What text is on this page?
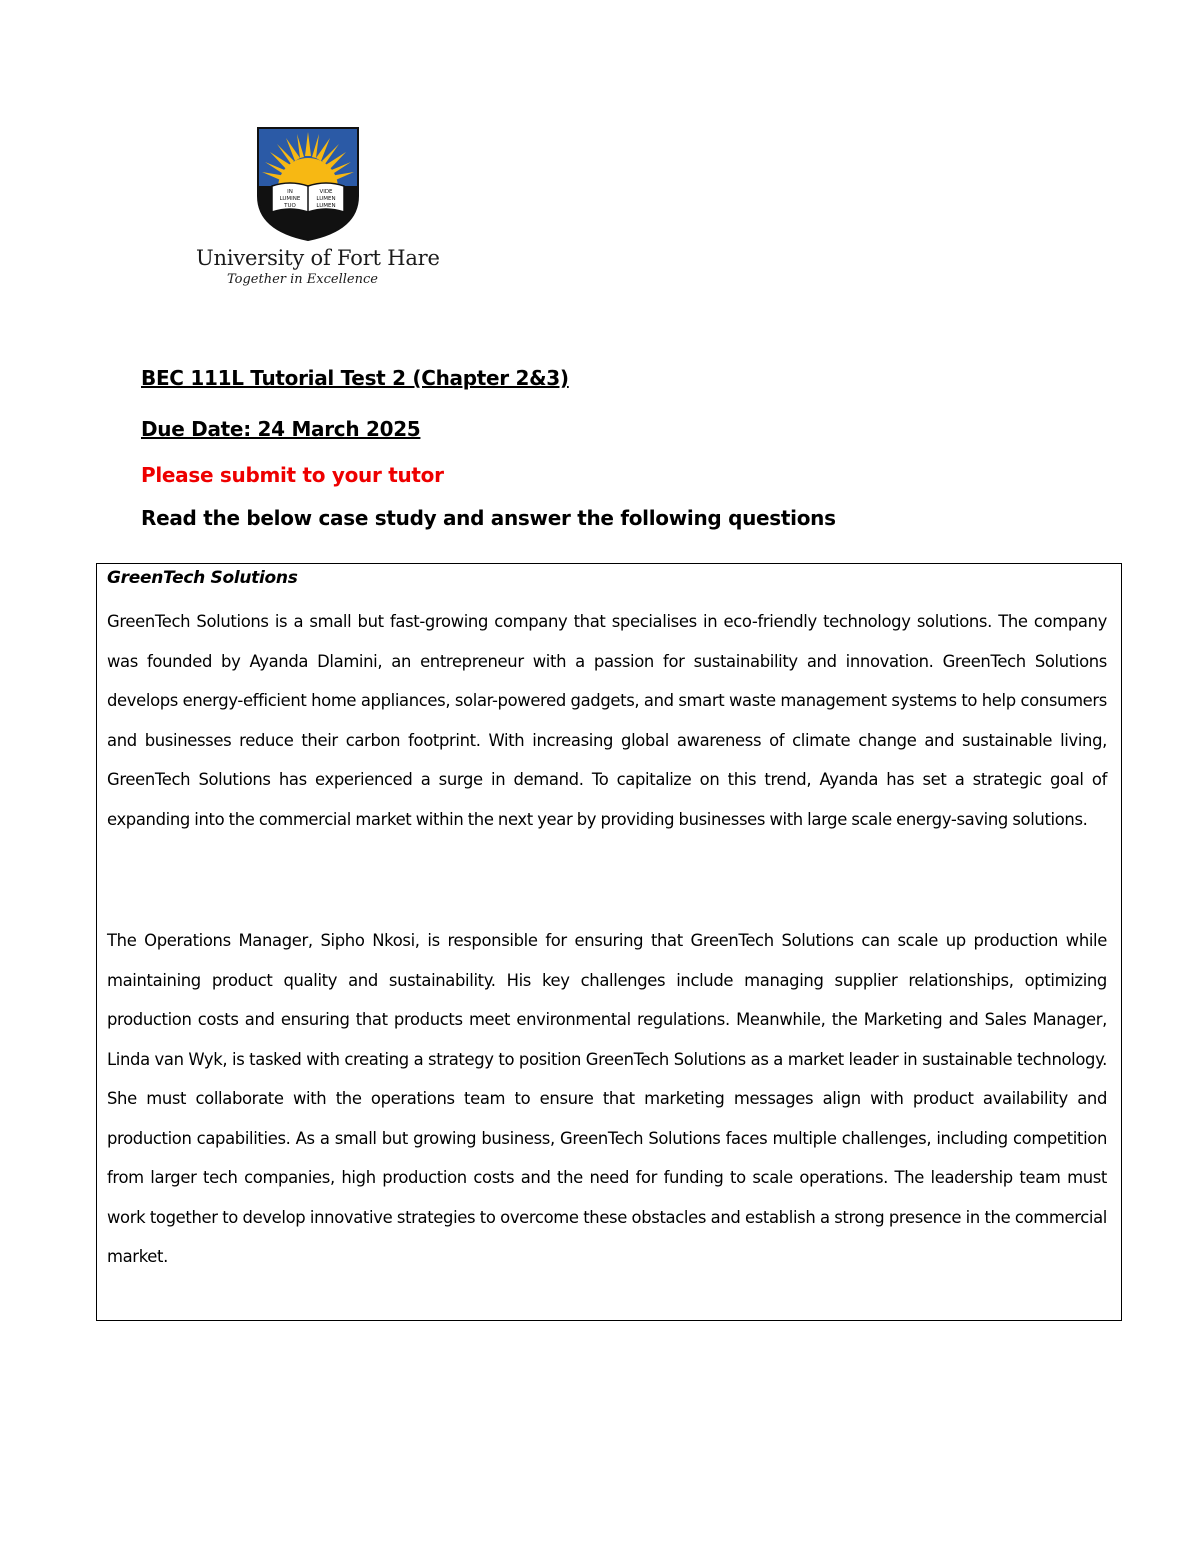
IN	VIDE
LUMINE	LUMEN
TUO	LUMEN
University of Fort Hare
Together in Excellence
BEC 111L Tutorial Test 2 (Chapter 2&3)
Due Date: 24 March 2025
Please submit to your tutor
Read the below case study and answer the following questions
GreenTech Solutions
GreenTech Solutions is a small but fast-growing company that specialises in eco-friendly technology solutions. The company was founded by Ayanda Dlamini, an entrepreneur with a passion for sustainability and innovation. GreenTech Solutions develops energy-efficient home appliances, solar-powered gadgets, and smart waste management systems to help consumers and businesses reduce their carbon footprint. With increasing global awareness of climate change and sustainable living, GreenTech Solutions has experienced a surge in demand. To capitalize on this trend, Ayanda has set a strategic goal of expanding into the commercial market within the next year by providing businesses with large scale energy-saving solutions.
The Operations Manager, Sipho Nkosi, is responsible for ensuring that GreenTech Solutions can scale up production while maintaining product quality and sustainability. His key challenges include managing supplier relationships, optimizing production costs and ensuring that products meet environmental regulations. Meanwhile, the Marketing and Sales Manager, Linda van Wyk, is tasked with creating a strategy to position GreenTech Solutions as a market leader in sustainable technology. She must collaborate with the operations team to ensure that marketing messages align with product availability and production capabilities. As a small but growing business, GreenTech Solutions faces multiple challenges, including competition from larger tech companies, high production costs and the need for funding to scale operations. The leadership team must work together to develop innovative strategies to overcome these obstacles and establish a strong presence in the commercial market.
